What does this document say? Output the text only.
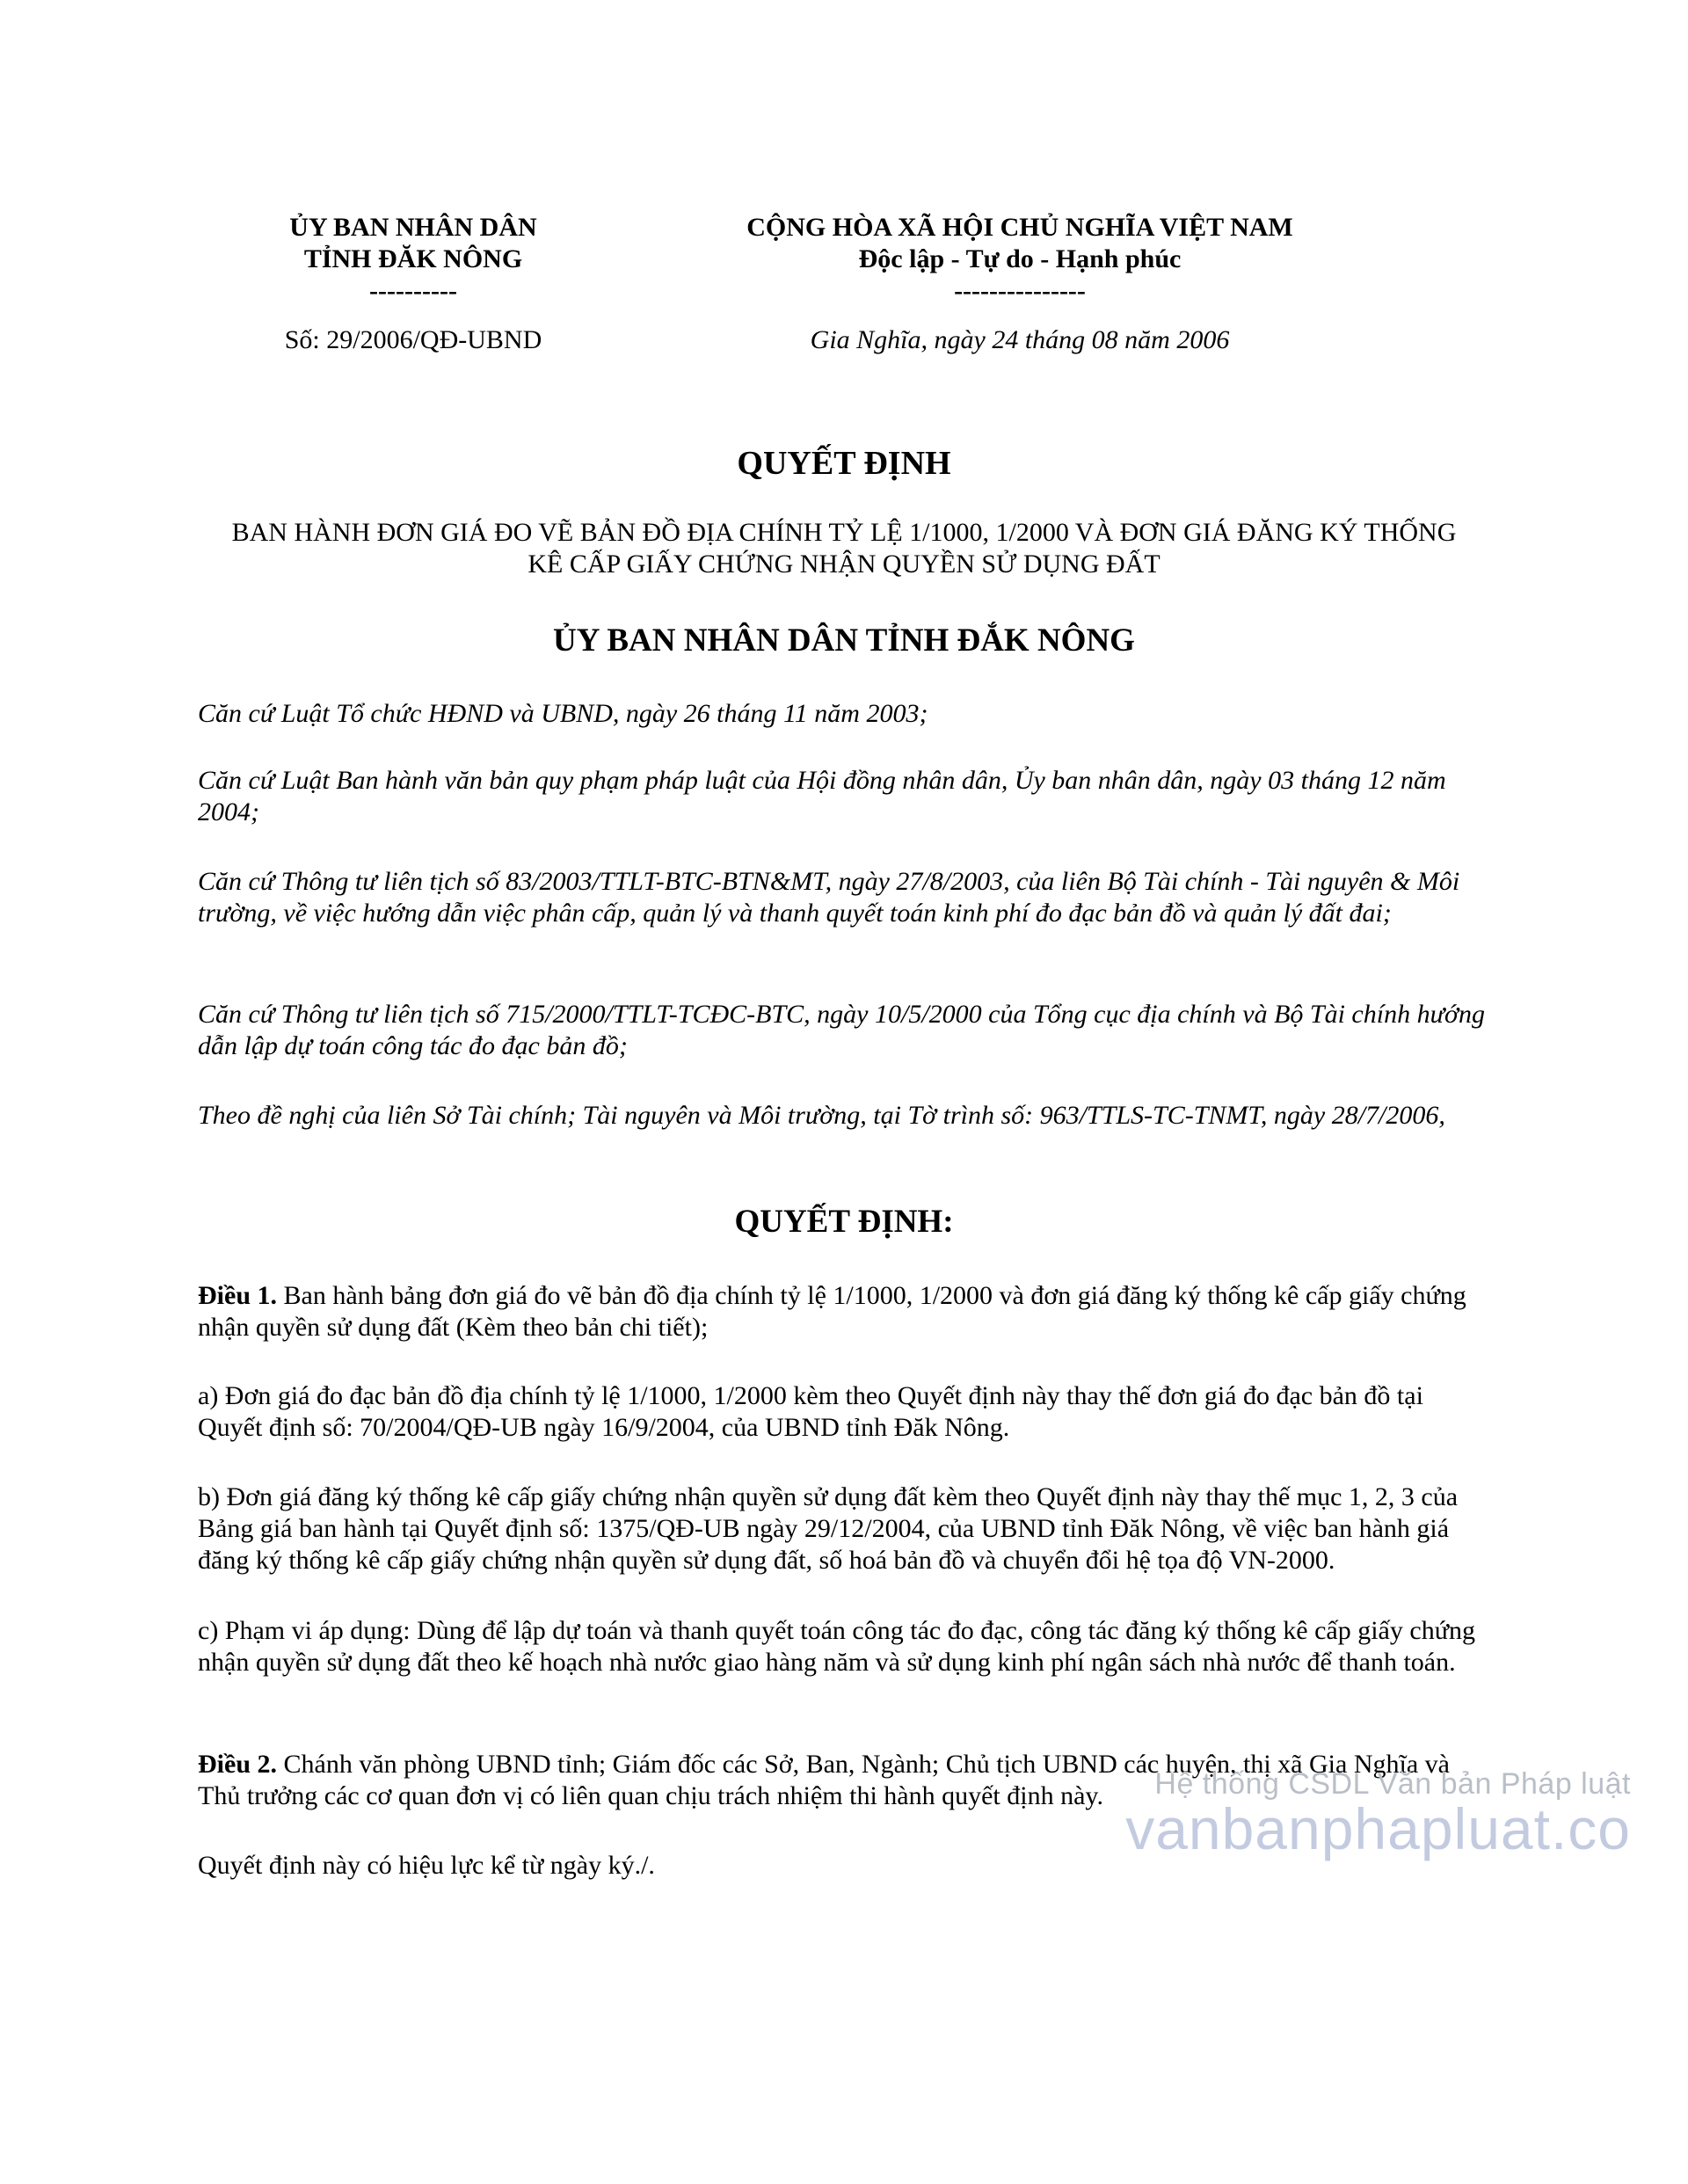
ỦY BAN NHÂN DÂN
TỈNH ĐĂK NÔNG
----------
CỘNG HÒA XÃ HỘI CHỦ NGHĨA VIỆT NAM
Độc lập - Tự do - Hạnh phúc
---------------
Số: 29/2006/QĐ-UBND	Gia Nghĩa, ngày 24 tháng 08 năm 2006
QUYẾT ĐỊNH
BAN HÀNH ĐƠN GIÁ ĐO VẼ BẢN ĐỒ ĐỊA CHÍNH TỶ LỆ 1/1000, 1/2000 VÀ ĐƠN GIÁ ĐĂNG KÝ THỐNG
KÊ CẤP GIẤY CHỨNG NHẬN QUYỀN SỬ DỤNG ĐẤT
ỦY BAN NHÂN DÂN TỈNH ĐẮK NÔNG
Căn cứ Luật Tổ chức HĐND và UBND, ngày 26 tháng 11 năm 2003;
Căn cứ Luật Ban hành văn bản quy phạm pháp luật của Hội đồng nhân dân, Ủy ban nhân dân, ngày 03 tháng 12 năm 2004;
Căn cứ Thông tư liên tịch số 83/2003/TTLT-BTC-BTN&MT, ngày 27/8/2003, của liên Bộ Tài chính - Tài nguyên & Môi trường, về việc hướng dẫn việc phân cấp, quản lý và thanh quyết toán kinh phí đo đạc bản đồ và quản lý đất đai;
Căn cứ Thông tư liên tịch số 715/2000/TTLT-TCĐC-BTC, ngày 10/5/2000 của Tổng cục địa chính và Bộ Tài chính hướng dẫn lập dự toán công tác đo đạc bản đồ;
Theo đề nghị của liên Sở Tài chính; Tài nguyên và Môi trường, tại Tờ trình số: 963/TTLS-TC-TNMT, ngày 28/7/2006,
QUYẾT ĐỊNH:
Điều 1. Ban hành bảng đơn giá đo vẽ bản đồ địa chính tỷ lệ 1/1000, 1/2000 và đơn giá đăng ký thống kê cấp giấy chứng nhận quyền sử dụng đất (Kèm theo bản chi tiết);
a) Đơn giá đo đạc bản đồ địa chính tỷ lệ 1/1000, 1/2000 kèm theo Quyết định này thay thế đơn giá đo đạc bản đồ tại Quyết định số: 70/2004/QĐ-UB ngày 16/9/2004, của UBND tỉnh Đăk Nông.
b) Đơn giá đăng ký thống kê cấp giấy chứng nhận quyền sử dụng đất kèm theo Quyết định này thay thế mục 1, 2, 3 của Bảng giá ban hành tại Quyết định số: 1375/QĐ-UB ngày 29/12/2004, của UBND tỉnh Đăk Nông, về việc ban hành giá đăng ký thống kê cấp giấy chứng nhận quyền sử dụng đất, số hoá bản đồ và chuyển đổi hệ tọa độ VN-2000.
c) Phạm vi áp dụng: Dùng để lập dự toán và thanh quyết toán công tác đo đạc, công tác đăng ký thống kê cấp giấy chứng nhận quyền sử dụng đất theo kế hoạch nhà nước giao hàng năm và sử dụng kinh phí ngân sách nhà nước để thanh toán.
Điều 2. Chánh văn phòng UBND tỉnh; Giám đốc các Sở, Ban, Ngành; Chủ tịch UBND các huyện, thị xã Gia Nghĩa và Thủ trưởng các cơ quan đơn vị có liên quan chịu trách nhiệm thi hành quyết định này.
Quyết định này có hiệu lực kể từ ngày ký./.
Hệ thống CSDL Văn bản Pháp luật
vanbanphapluat.co
